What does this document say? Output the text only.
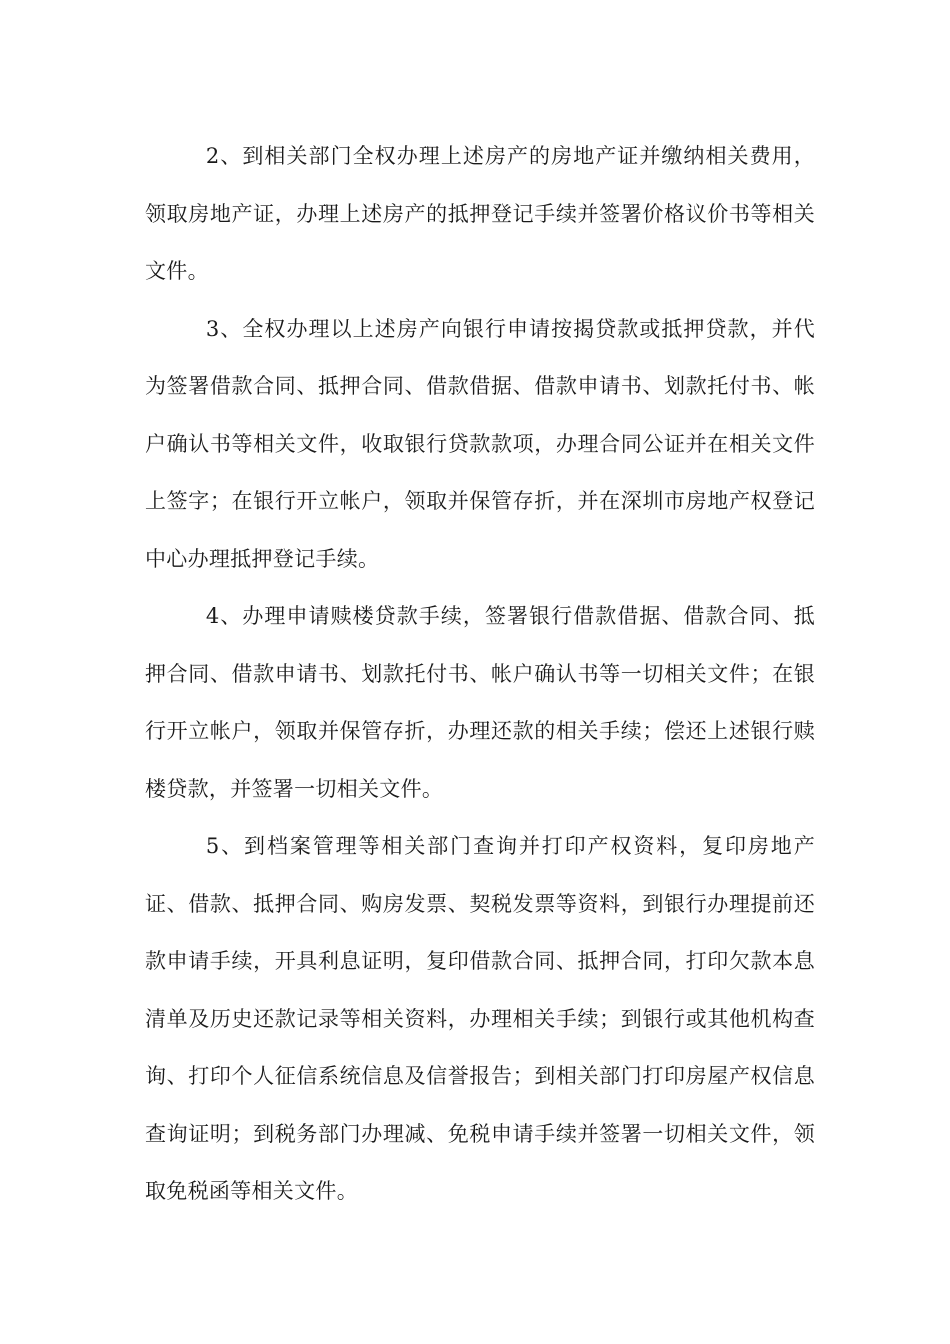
2、到相关部门全权办理上述房产的房地产证并缴纳相关费用，领取房地产证，办理上述房产的抵押登记手续并签署价格议价书等相关文件。

3、全权办理以上述房产向银行申请按揭贷款或抵押贷款，并代为签署借款合同、抵押合同、借款借据、借款申请书、划款托付书、帐户确认书等相关文件，收取银行贷款款项，办理合同公证并在相关文件上签字；在银行开立帐户，领取并保管存折，并在深圳市房地产权登记中心办理抵押登记手续。

4、办理申请赎楼贷款手续，签署银行借款借据、借款合同、抵押合同、借款申请书、划款托付书、帐户确认书等一切相关文件；在银行开立帐户，领取并保管存折，办理还款的相关手续；偿还上述银行赎楼贷款，并签署一切相关文件。

5、到档案管理等相关部门查询并打印产权资料，复印房地产证、借款、抵押合同、购房发票、契税发票等资料，到银行办理提前还款申请手续，开具利息证明，复印借款合同、抵押合同，打印欠款本息清单及历史还款记录等相关资料，办理相关手续；到银行或其他机构查询、打印个人征信系统信息及信誉报告；到相关部门打印房屋产权信息查询证明；到税务部门办理减、免税申请手续并签署一切相关文件，领取免税函等相关文件。
